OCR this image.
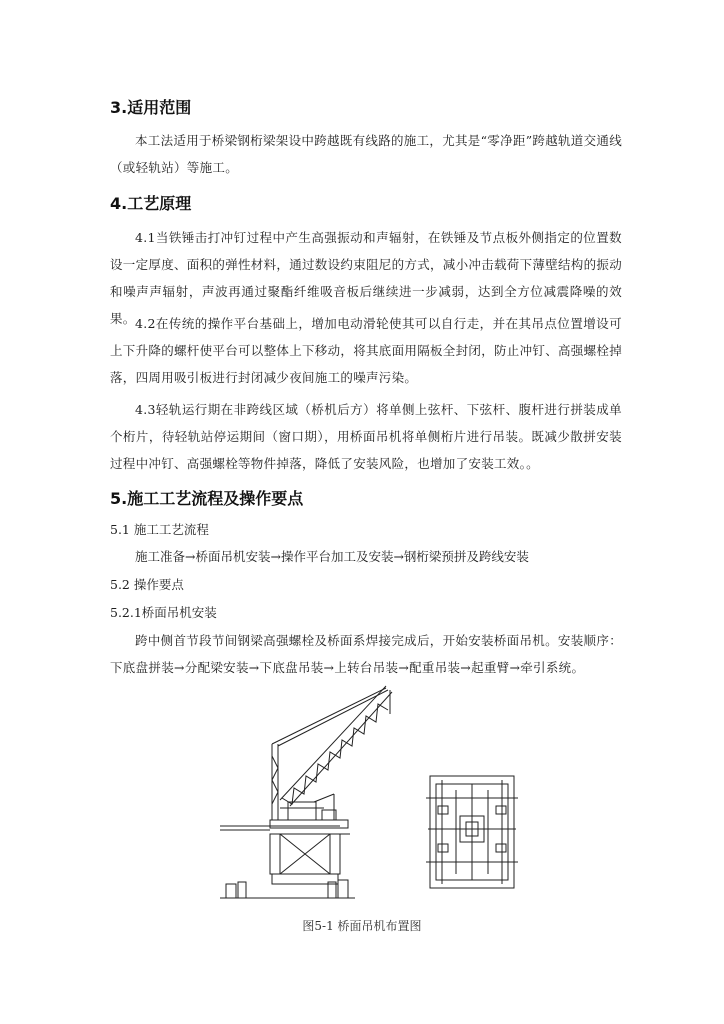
3.适用范围

本工法适用于桥梁钢桁梁架设中跨越既有线路的施工，尤其是“零净距”跨越轨道交通线（或轻轨站）等施工。

4.工艺原理

4.1当铁锤击打冲钉过程中产生高强振动和声辐射，在铁锤及节点板外侧指定的位置数设一定厚度、面积的弹性材料，通过数设约束阻尼的方式，减小冲击载荷下薄壁结构的振动和噪声声辐射，声波再通过聚酯纤维吸音板后继续进一步减弱，达到全方位减震降噪的效果。 4.2在传统的操作平台基础上，增加电动滑轮使其可以自行走，并在其吊点位置增设可上下升降的螺杆使平台可以整体上下移动，将其底面用隔板全封闭，防止冲钉、高强螺栓掉落，四周用吸引板进行封闭减少夜间施工的噪声污染。

4.3轻轨运行期在非跨线区域（桥机后方）将单侧上弦杆、下弦杆、腹杆进行拼装成单个桁片，待轻轨站停运期间（窗口期），用桥面吊机将单侧桁片进行吊装。既减少散拼安装过程中冲钉、高强螺栓等物件掉落，降低了安装风险，也增加了安装工效。。

5.施工工艺流程及操作要点

5.1 施工工艺流程

施工准备→桥面吊机安装→操作平台加工及安装→钢桁梁预拼及跨线安装

5.2 操作要点

5.2.1桥面吊机安装

跨中侧首节段节间钢梁高强螺栓及桥面系焊接完成后，开始安装桥面吊机。安装顺序：下底盘拼装→分配梁安装→下底盘吊装→上转台吊装→配重吊装→起重臂→牵引系统。

图5-1 桥面吊机布置图
